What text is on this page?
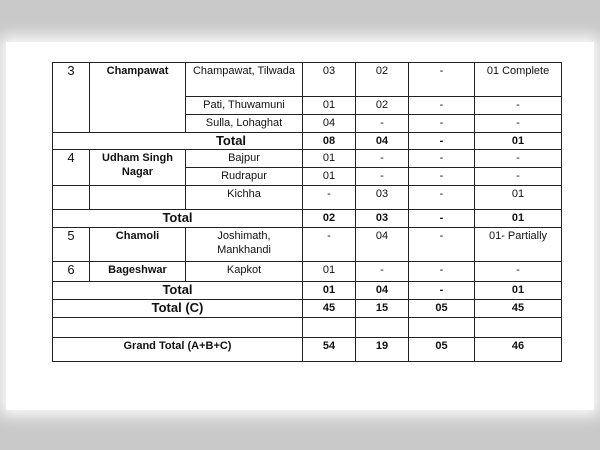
3	Champawat	Champawat, Tilwada	03	02	-	01 Complete
		Pati, Thuwamuni	01	02	-	-
		Sulla, Lohaghat	04	-	-	-
Total			08	04	-	01
4	Udham Singh Nagar	Bajpur	01	-	-	-
		Rudrapur	01	-	-	-
		Kichha	-	03	-	01
Total			02	03	-	01
5	Chamoli	Joshimath, Mankhandi	-	04	-	01- Partially
6	Bageshwar	Kapkot	01	-	-	-
Total			01	04	-	01
Total (C)			45	15	05	45

Grand Total (A+B+C)			54	19	05	46
